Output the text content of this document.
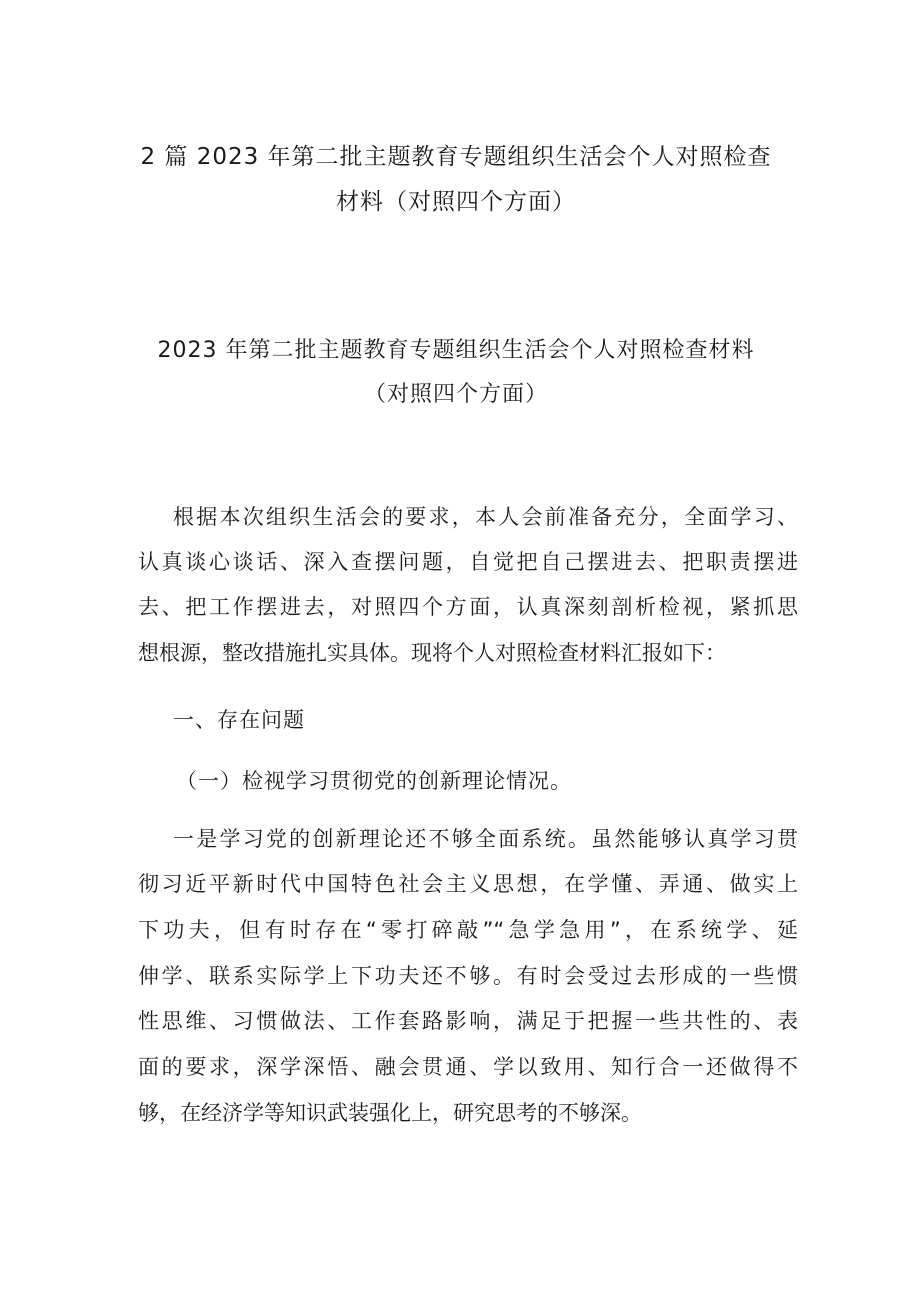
2 篇 2023 年第二批主题教育专题组织生活会个人对照检查
材料（对照四个方面）
2023 年第二批主题教育专题组织生活会个人对照检查材料
（对照四个方面）
根据本次组织生活会的要求，本人会前准备充分，全面学习、
认真谈心谈话、深入查摆问题，自觉把自己摆进去、把职责摆进
去、把工作摆进去，对照四个方面，认真深刻剖析检视，紧抓思
想根源，整改措施扎实具体。现将个人对照检查材料汇报如下：
一、存在问题
（一）检视学习贯彻党的创新理论情况。
一是学习党的创新理论还不够全面系统。虽然能够认真学习贯
彻习近平新时代中国特色社会主义思想，在学懂、弄通、做实上
下功夫，但有时存在“零打碎敲”“急学急用”，在系统学、延
伸学、联系实际学上下功夫还不够。有时会受过去形成的一些惯
性思维、习惯做法、工作套路影响，满足于把握一些共性的、表
面的要求，深学深悟、融会贯通、学以致用、知行合一还做得不
够，在经济学等知识武装强化上，研究思考的不够深。
